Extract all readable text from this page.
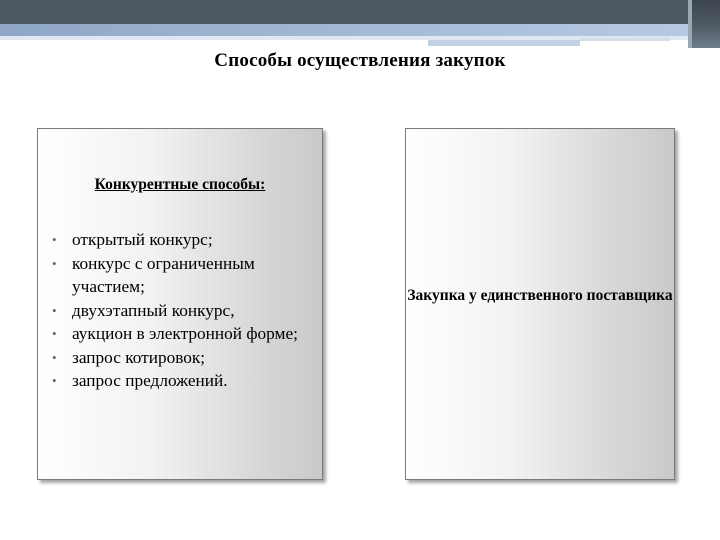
Способы осуществления закупок
Конкурентные способы:
• открытый конкурс;
• конкурс с ограниченным участием;
• двухэтапный конкурс,
• аукцион в электронной форме;
• запрос котировок;
• запрос предложений.
Закупка у единственного поставщика
